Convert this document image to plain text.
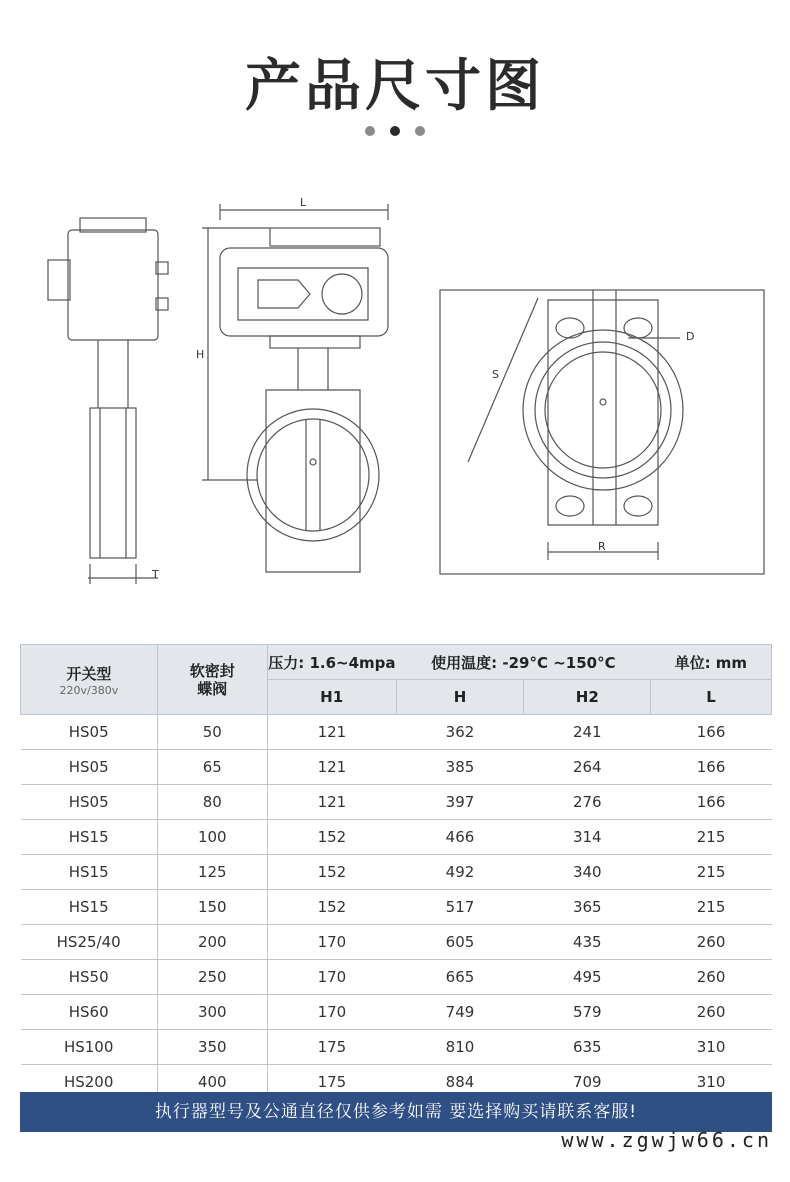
产品尺寸图
T
L
H
D
S
R
开关型
220v/380v	软密封蝶阀	压力: 1.6~4mpa	使用温度: -29°C ~150°C		单位: mm
		H1	H	H2	L
HS05	50	121	362	241	166
HS05	65	121	385	264	166
HS05	80	121	397	276	166
HS15	100	152	466	314	215
HS15	125	152	492	340	215
HS15	150	152	517	365	215
HS25/40	200	170	605	435	260
HS50	250	170	665	495	260
HS60	300	170	749	579	260
HS100	350	175	810	635	310
HS200	400	175	884	709	310
执行器型号及公通直径仅供参考如需 要选择购买请联系客服!
www.zgwjw66.cn
